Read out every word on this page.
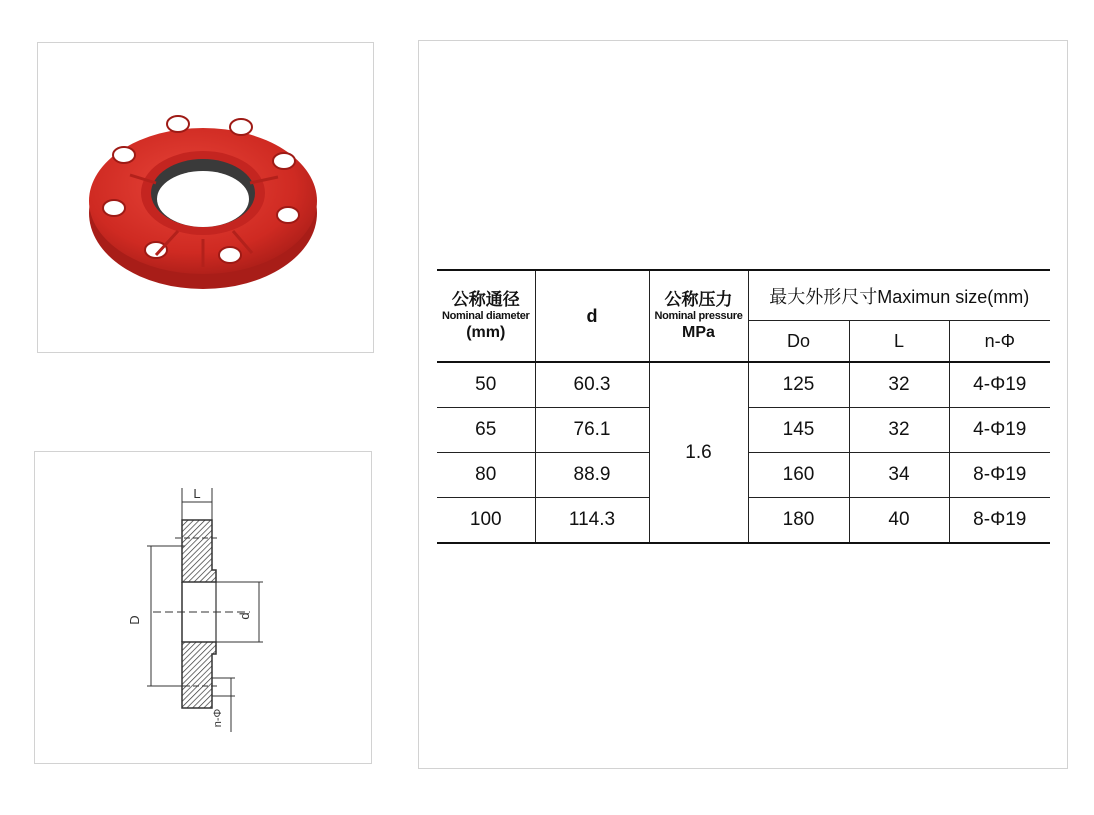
L
D	d
n-Φ
公称通径
Nominal diameter
(mm)	d	公称压力
Nominal pressure
MPa	最大外形尺寸Maximun size(mm)		
			Do	L	n-Φ
50	60.3	1.6	125	32	4-Φ19
65	76.1		145	32	4-Φ19
80	88.9		160	34	8-Φ19
100	114.3		180	40	8-Φ19
